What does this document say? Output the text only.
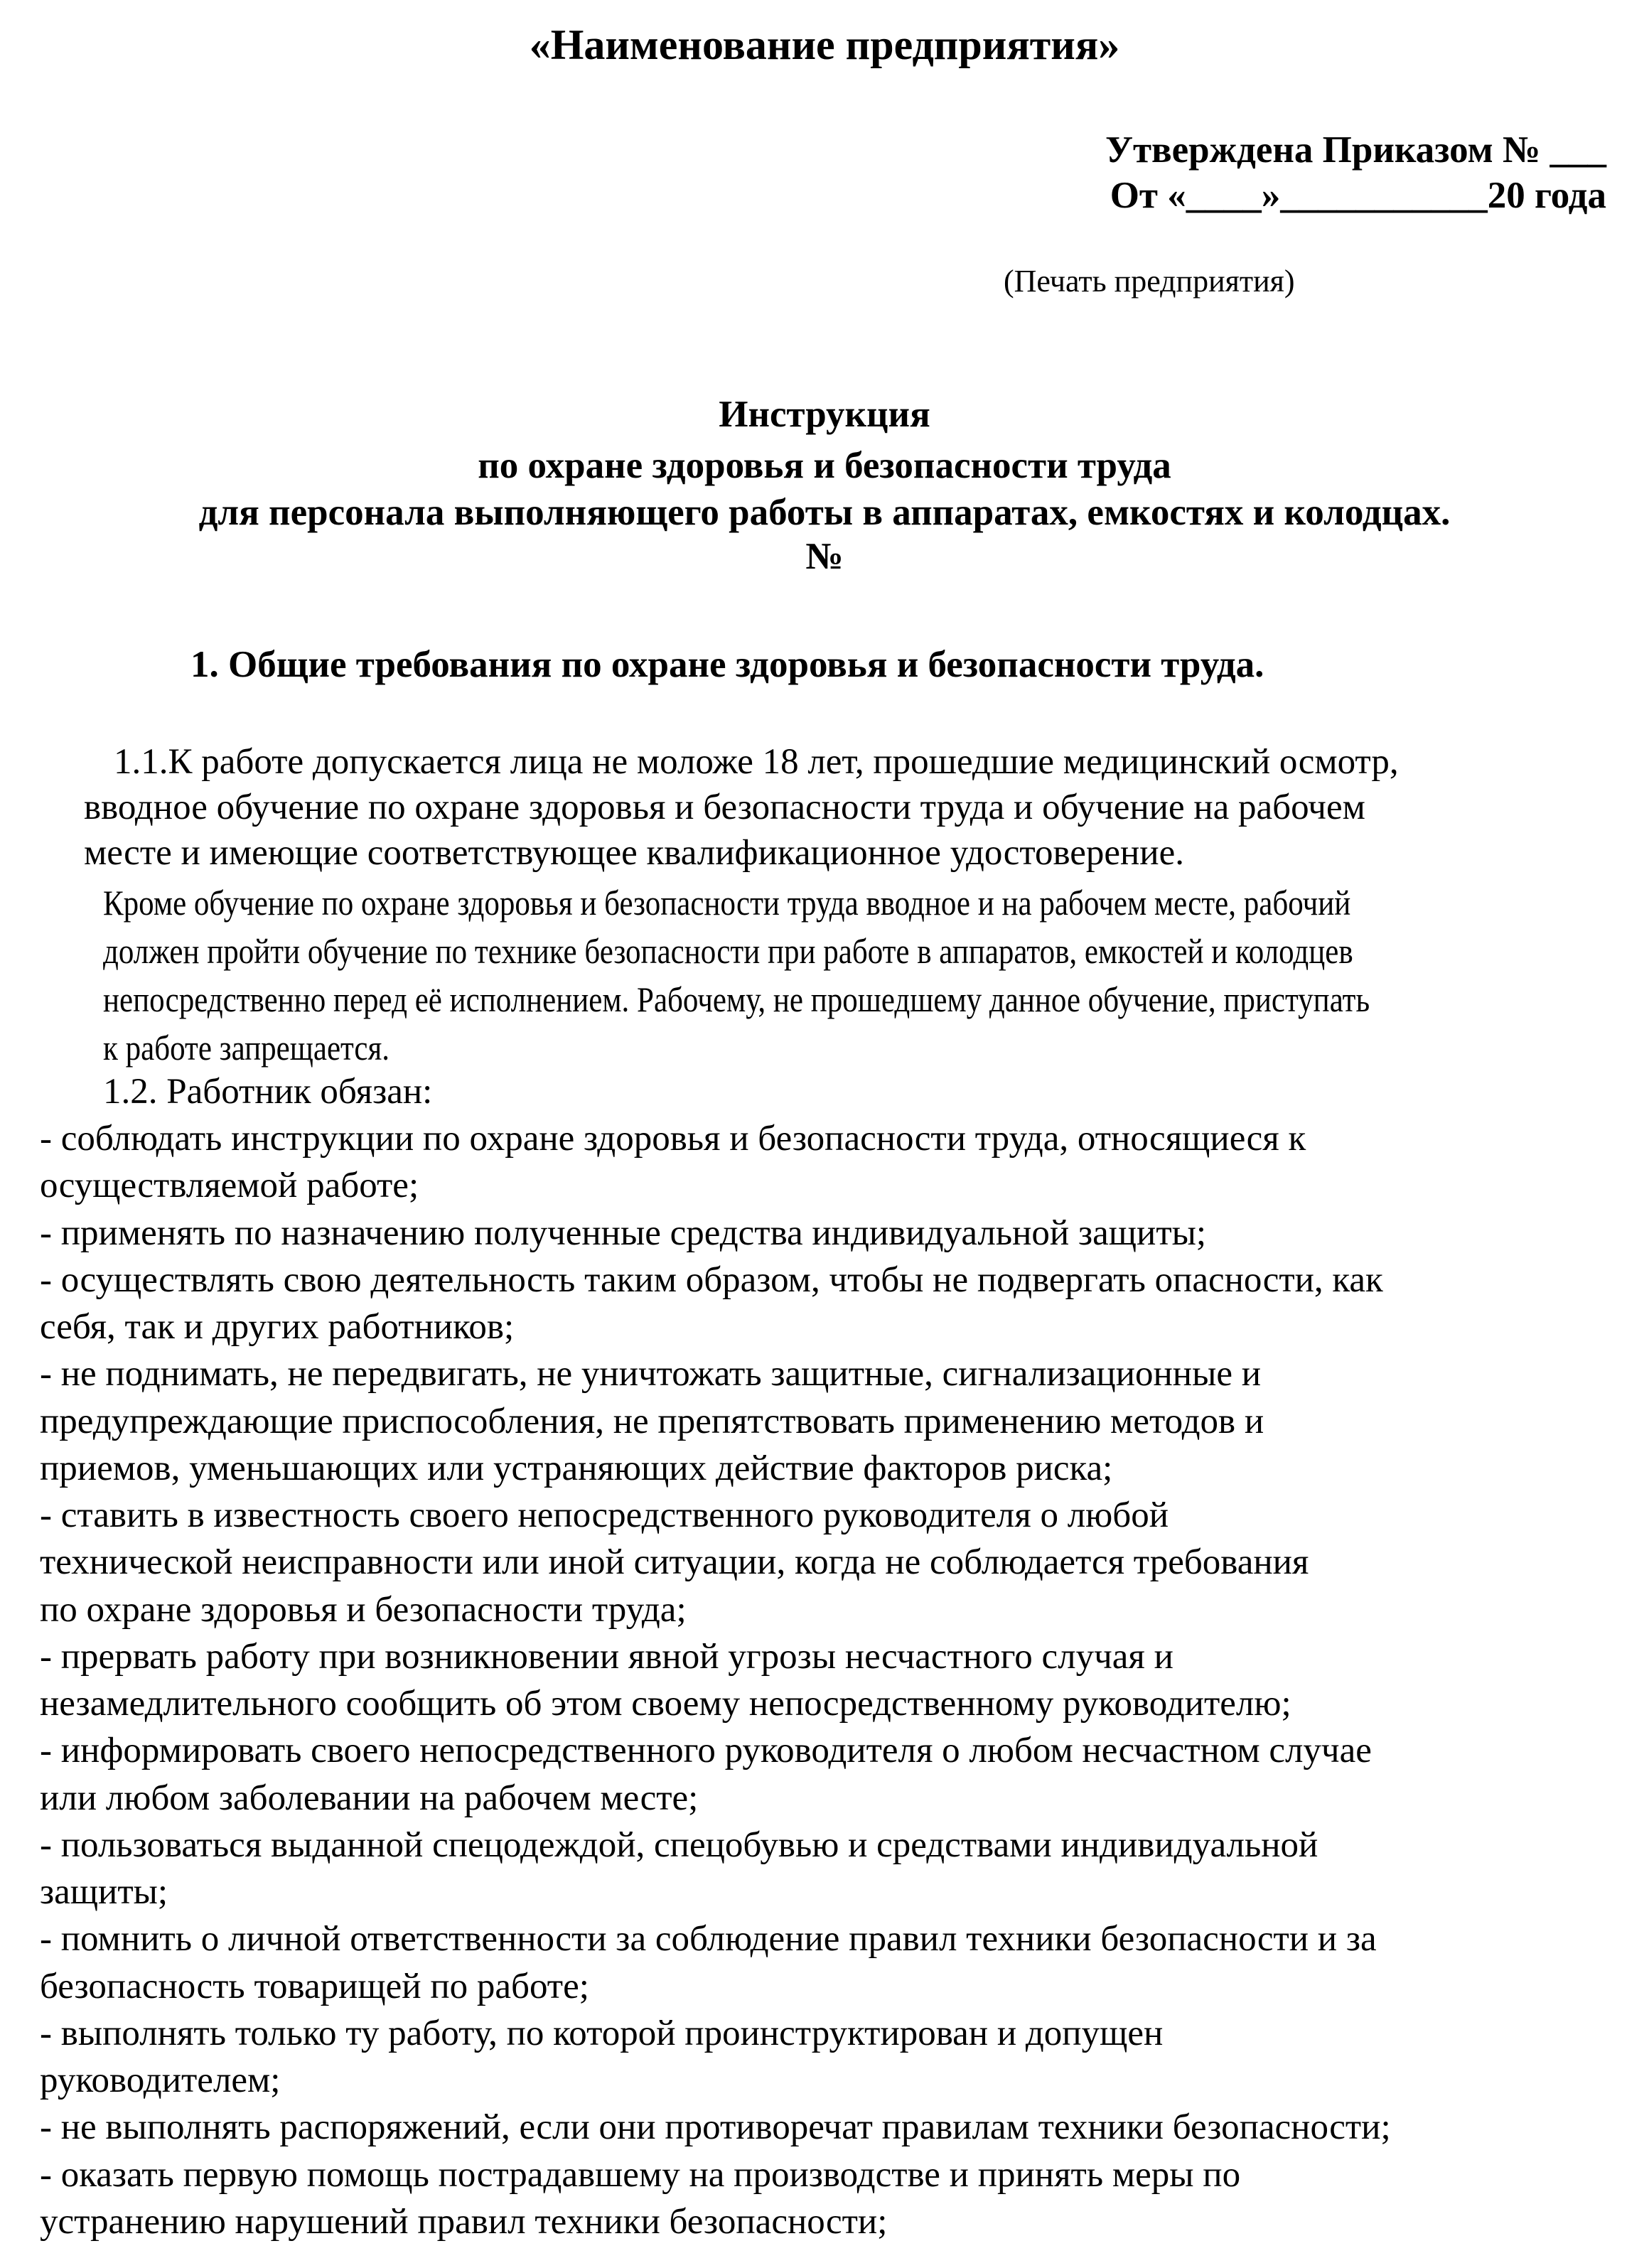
«Наименование предприятия»
Утверждена Приказом № ___
От «____»___________20 года
(Печать предприятия)
Инструкция
по охране здоровья и безопасности труда
для персонала выполняющего работы в аппаратах, емкостях и колодцах.
№
1. Общие требования по охране здоровья и безопасности труда.
1.1.К работе допускается лица не моложе 18 лет, прошедшие медицинский осмотр,
вводное обучение по охране здоровья и безопасности труда и обучение на рабочем
месте и имеющие соответствующее квалификационное удостоверение.
Кроме обучение по охране здоровья и безопасности труда вводное и на рабочем месте, рабочий
должен пройти обучение по технике безопасности при работе в аппаратов, емкостей и колодцев
непосредственно перед её исполнением. Рабочему, не прошедшему данное обучение, приступать
к работе запрещается.
1.2. Работник обязан:
- соблюдать инструкции по охране здоровья и безопасности труда, относящиеся к
осуществляемой работе;
- применять по назначению полученные средства индивидуальной защиты;
- осуществлять свою деятельность таким образом, чтобы не подвергать опасности, как
себя, так и других работников;
- не поднимать, не передвигать, не уничтожать защитные, сигнализационные и
предупреждающие приспособления, не препятствовать применению методов и
приемов, уменьшающих или устраняющих действие факторов риска;
- ставить в известность своего непосредственного руководителя о любой
технической неисправности или иной ситуации, когда не соблюдается требования
по охране здоровья и безопасности труда;
- прервать работу при возникновении явной угрозы несчастного случая и
незамедлительного сообщить об этом своему непосредственному руководителю;
- информировать своего непосредственного руководителя о любом несчастном случае
или любом заболевании на рабочем месте;
- пользоваться выданной спецодеждой, спецобувью и средствами индивидуальной
защиты;
- помнить о личной ответственности за соблюдение правил техники безопасности и за
безопасность товарищей по работе;
- выполнять только ту работу, по которой проинструктирован и допущен
руководителем;
- не выполнять распоряжений, если они противоречат правилам техники безопасности;
- оказать первую помощь пострадавшему на производстве и принять меры по
устранению нарушений правил техники безопасности;
